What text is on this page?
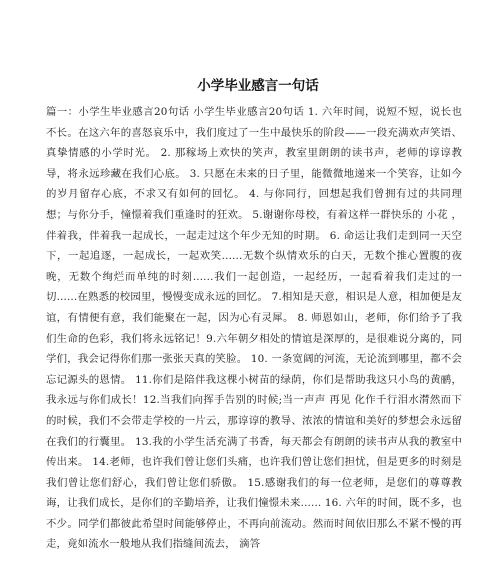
小学毕业感言一句话
篇一：小学生毕业感言20句话 小学生毕业感言20句话 1. 六年时间，说短不短，说长也不长。在这六年的喜怒哀乐中，我们度过了一生中最快乐的阶段——一段充满欢声笑语、真挚情感的小学时光。 2. 那稼场上欢快的笑声，教室里朗朗的读书声，老师的谆谆教导，将永远珍藏在我们心底。 3. 只愿在未来的日子里，能微微地递来一个笑容，让如今的岁月留存心底，不求又有如何的回忆。 4. 与你同行，回想起我们曾拥有过的共同理想；与你分手，憧憬着我们重逢时的狂欢。 5.谢谢你母校，有着这样一群快乐的 小花 ，伴着我，伴着我一起成长，一起走过这个年少无知的时期。 6. 命运让我们走到同一天空下，一起追逐，一起成长，一起欢笑......无数个纵情欢乐的白天，无数个推心置腹的夜晚，无数个绚烂而单纯的时刻......我们一起创造，一起经历，一起看着我们走过的一切......在熟悉的校园里，慢慢变成永远的回忆。 7.相知是天意，相识是人意，相加便是友谊，有情便有意，我们能聚在一起，因为心有灵犀。 8. 师恩如山，老师，你们给予了我们生命的色彩，我们将永远铭记！9.六年朝夕相处的情谊是深厚的，是很难说分离的，同学们，我会记得你们那一张张天真的笑脸。 10. 一条宽阔的河流，无论流到哪里，都不会忘记源头的恩情。 11.你们是陪伴我这棵小树苗的绿荫，你们是帮助我这只小鸟的黄鹂，我永远与你们成长！12.当我们向挥手告别的时候;当一声声 再见 化作千行泪水潸然而下的时候，我们不会带走学校的一片云，那谆谆的教导、浓浓的情谊和美好的梦想会永远留在我们的行囊里。 13.我的小学生活充满了书香，每天都会有朗朗的读书声从我的教室中传出来。 14.老师，也许我们曾让您们头痛，也许我们曾让您们担忧，但是更多的时刻是我们曾让您们舒心，我们曾让您们骄傲。 15.感谢我们的每一位老师，是您们的尊尊教诲，让我们成长，是你们的辛勤培养，让我们憧憬未来...... 16. 六年的时间，既不多，也不少。同学们都彼此希望时间能够停止，不再向前流动。然而时间依旧那么不紧不慢的再走，竟如流水一般地从我们指缝间流去， 滴答
